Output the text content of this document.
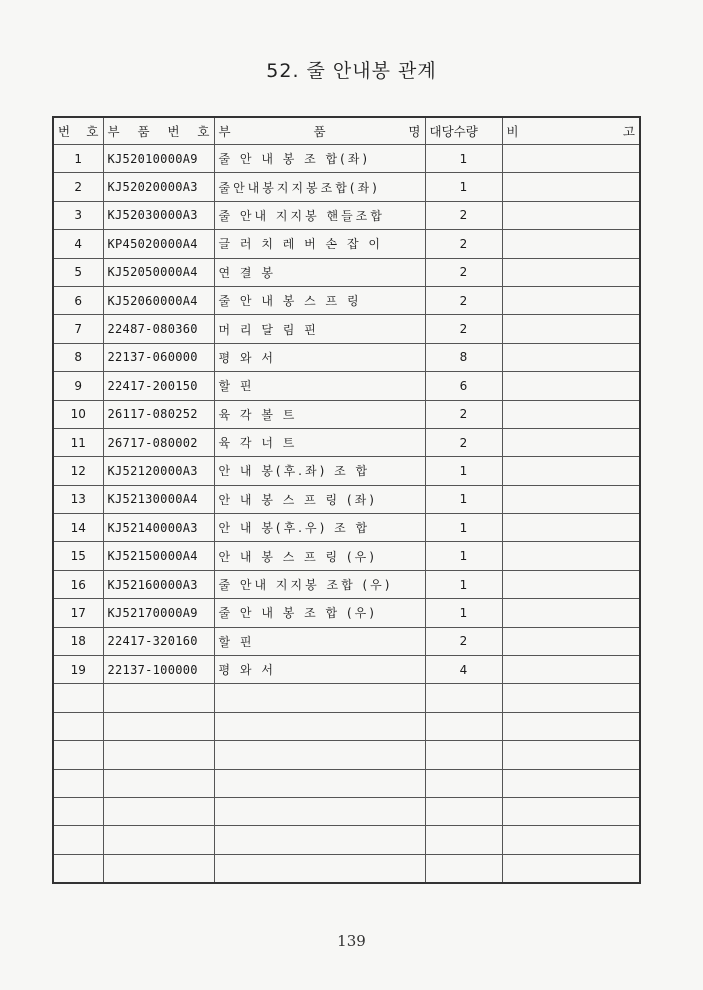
52. 줄 안내봉 관계
번 호	부 품 번 호	부 품 명	대당수량	비 고

1	KJ52010000A9	줄 안 내 봉 조 합(좌)	1	
2	KJ52020000A3	줄안내봉지지봉조합(좌)	1	
3	KJ52030000A3	줄 안내 지지봉 핸들조합	2	
4	KP45020000A4	글 러 치 레 버 손 잡 이	2	
5	KJ52050000A4	연 결 봉	2	
6	KJ52060000A4	줄 안 내 봉 스 프 링	2	
7	22487-080360	머 리 달 림 핀	2	
8	22137-060000	평 와 서	8	
9	22417-200150	할 핀	6	
10	26117-080252	육 각 볼 트	2	
11	26717-080002	육 각 너 트	2	
12	KJ52120000A3	안 내 봉(후.좌) 조 합	1	
13	KJ52130000A4	안 내 봉 스 프 링 (좌)	1	
14	KJ52140000A3	안 내 봉(후.우) 조 합	1	
15	KJ52150000A4	안 내 봉 스 프 링 (우)	1	
16	KJ52160000A3	줄 안내 지지봉 조합 (우)	1	
17	KJ52170000A9	줄 안 내 봉 조 합 (우)	1	
18	22417-320160	할 핀	2	
19	22137-100000	평 와 서	4	

139
